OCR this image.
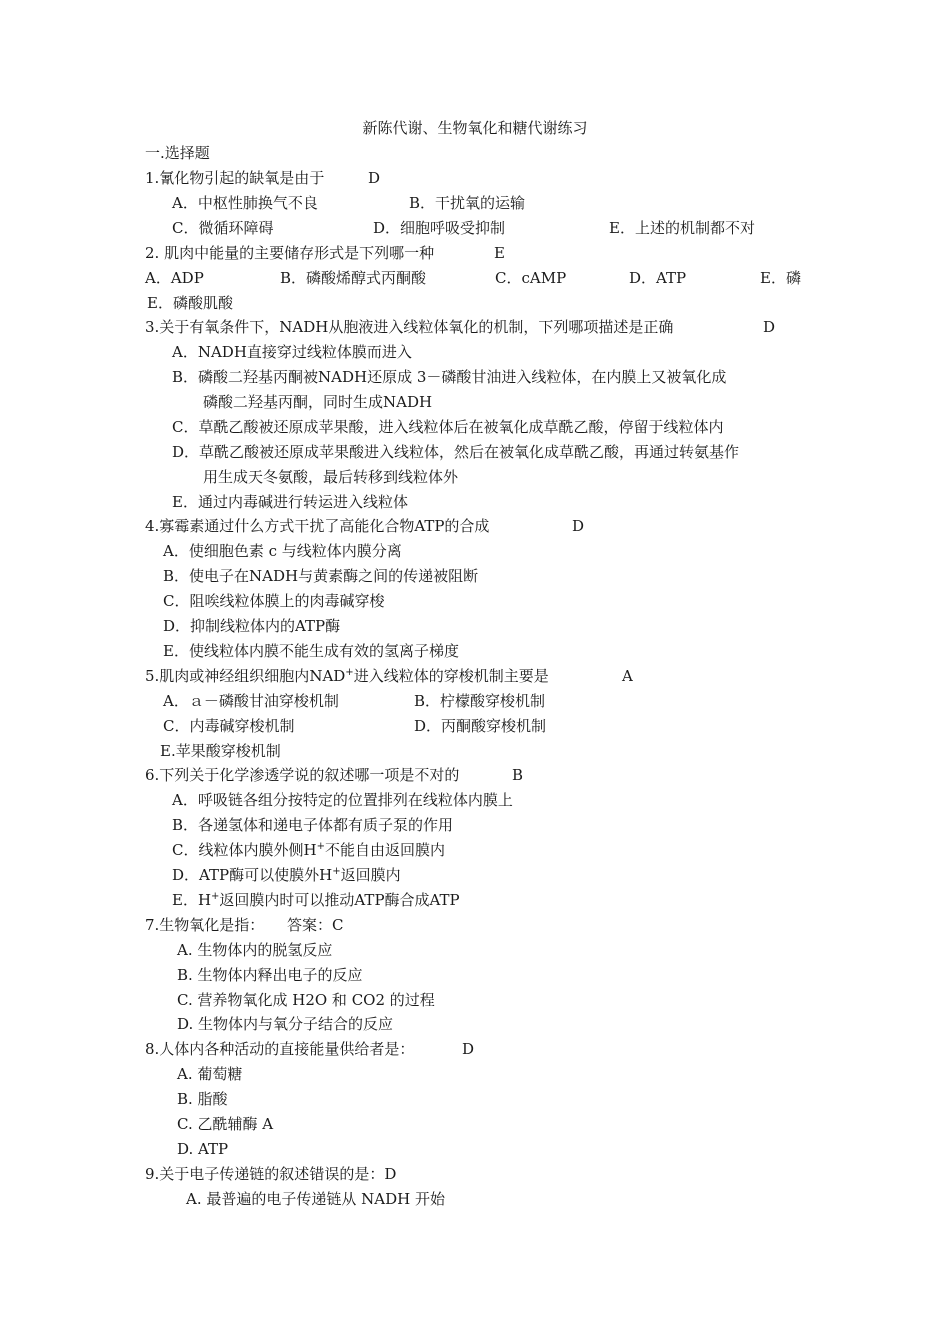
新陈代谢、生物氧化和糖代谢练习
一.选择题
1.氰化物引起的缺氧是由于	D
A．中枢性肺换气不良	B．干扰氧的运输
C．微循环障碍	D．细胞呼吸受抑制	E．上述的机制都不对
2. 肌肉中能量的主要储存形式是下列哪一种	E
A．ADP	B．磷酸烯醇式丙酮酸	C．cAMP	D．ATP	E．磷
E．磷酸肌酸
3.关于有氧条件下，NADH从胞液进入线粒体氧化的机制，下列哪项描述是正确	D
A．NADH直接穿过线粒体膜而进入
B．磷酸二羟基丙酮被NADH还原成 3－磷酸甘油进入线粒体，在内膜上又被氧化成
磷酸二羟基丙酮，同时生成NADH
C．草酰乙酸被还原成苹果酸，进入线粒体后在被氧化成草酰乙酸，停留于线粒体内
D．草酰乙酸被还原成苹果酸进入线粒体，然后在被氧化成草酰乙酸，再通过转氨基作
用生成天冬氨酸，最后转移到线粒体外
E．通过内毒碱进行转运进入线粒体
4.寡霉素通过什么方式干扰了高能化合物ATP的合成	D
A．使细胞色素 c 与线粒体内膜分离
B．使电子在NADH与黄素酶之间的传递被阻断
C．阻唉线粒体膜上的肉毒碱穿梭
D．抑制线粒体内的ATP酶
E．使线粒体内膜不能生成有效的氢离子梯度
5.肌肉或神经组织细胞内NAD+进入线粒体的穿梭机制主要是	A
A．ａ－磷酸甘油穿梭机制	B．柠檬酸穿梭机制
C．内毒碱穿梭机制	D．丙酮酸穿梭机制
E.苹果酸穿梭机制
6.下列关于化学渗透学说的叙述哪一项是不对的	B
A．呼吸链各组分按特定的位置排列在线粒体内膜上
B．各递氢体和递电子体都有质子泵的作用
C．线粒体内膜外侧H+不能自由返回膜内
D．ATP酶可以使膜外H+返回膜内
E．H+返回膜内时可以推动ATP酶合成ATP
7.生物氧化是指： 答案：C
A. 生物体内的脱氢反应
B. 生物体内释出电子的反应
C. 营养物氧化成 H2O 和 CO2 的过程
D. 生物体内与氧分子结合的反应
8.人体内各种活动的直接能量供给者是：	D
A. 葡萄糖
B. 脂酸
C. 乙酰辅酶 A
D. ATP
9.关于电子传递链的叙述错误的是：D
A. 最普遍的电子传递链从 NADH 开始
